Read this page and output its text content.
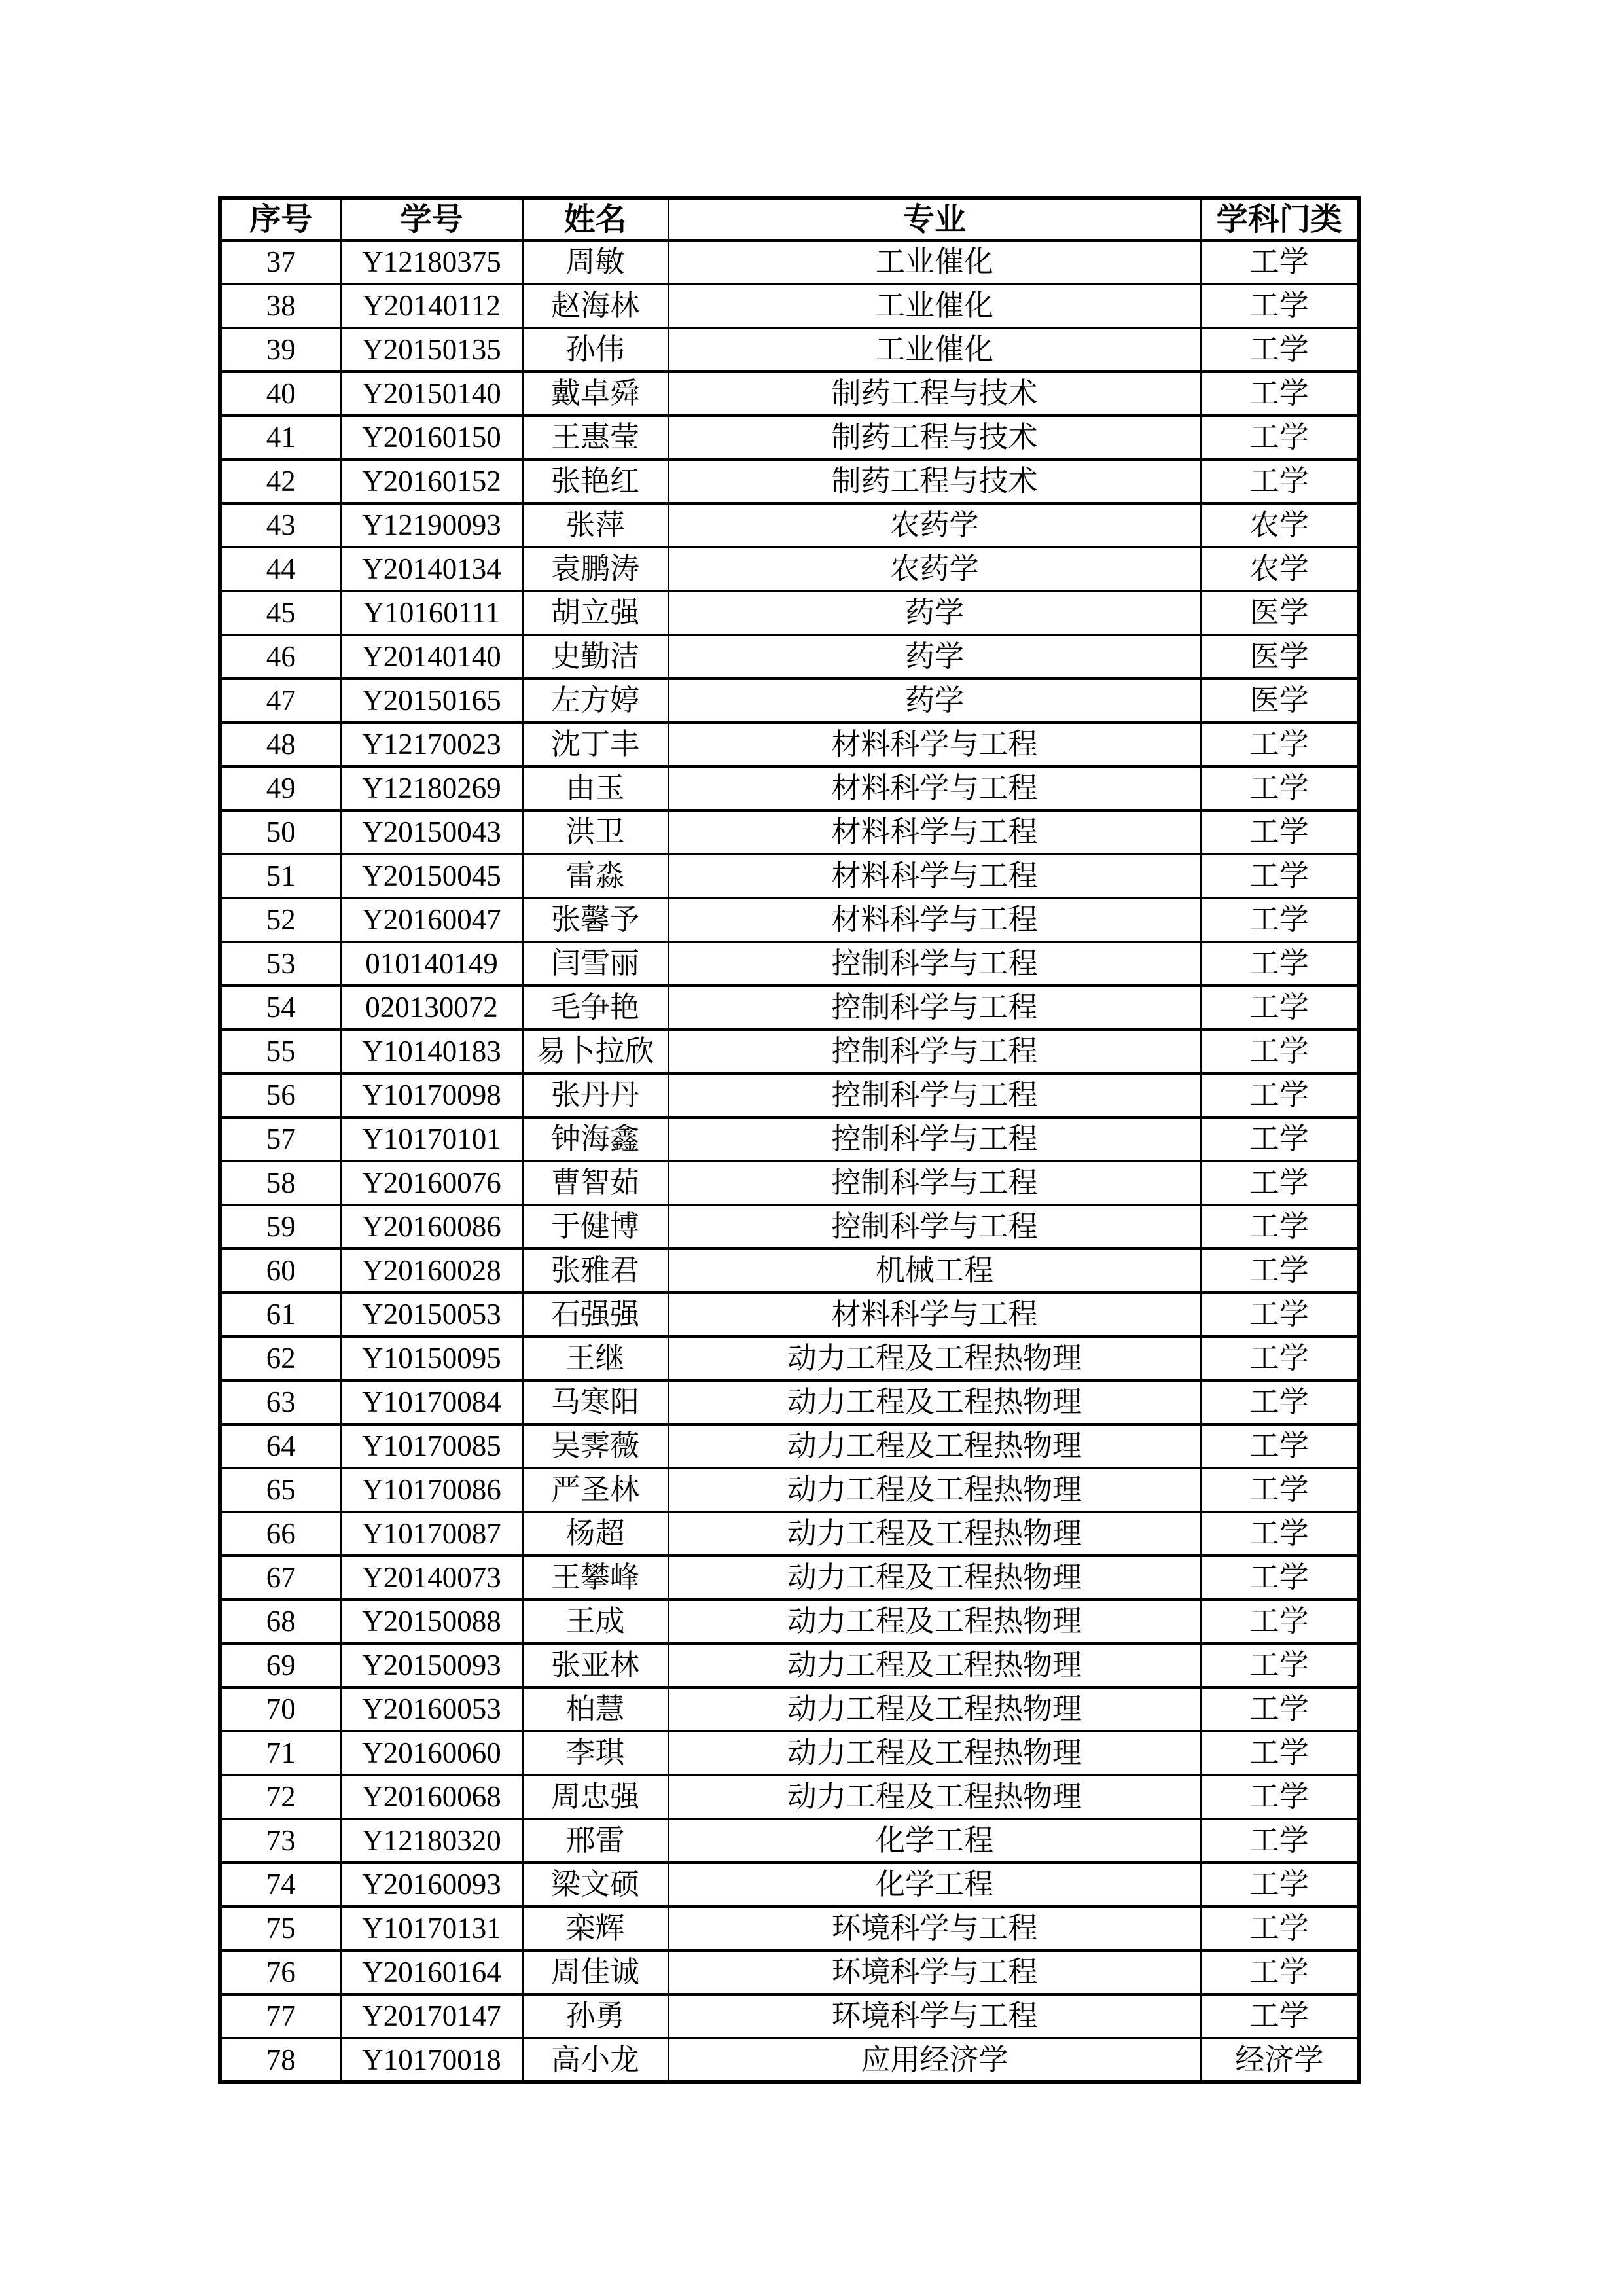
序号	学号	姓名	专业	学科门类
37	Y12180375	周敏	工业催化	工学
38	Y20140112	赵海林	工业催化	工学
39	Y20150135	孙伟	工业催化	工学
40	Y20150140	戴卓舜	制药工程与技术	工学
41	Y20160150	王惠莹	制药工程与技术	工学
42	Y20160152	张艳红	制药工程与技术	工学
43	Y12190093	张萍	农药学	农学
44	Y20140134	袁鹏涛	农药学	农学
45	Y10160111	胡立强	药学	医学
46	Y20140140	史勤洁	药学	医学
47	Y20150165	左方婷	药学	医学
48	Y12170023	沈丁丰	材料科学与工程	工学
49	Y12180269	由玉	材料科学与工程	工学
50	Y20150043	洪卫	材料科学与工程	工学
51	Y20150045	雷淼	材料科学与工程	工学
52	Y20160047	张馨予	材料科学与工程	工学
53	010140149	闫雪丽	控制科学与工程	工学
54	020130072	毛争艳	控制科学与工程	工学
55	Y10140183	易卜拉欣	控制科学与工程	工学
56	Y10170098	张丹丹	控制科学与工程	工学
57	Y10170101	钟海鑫	控制科学与工程	工学
58	Y20160076	曹智茹	控制科学与工程	工学
59	Y20160086	于健博	控制科学与工程	工学
60	Y20160028	张雅君	机械工程	工学
61	Y20150053	石强强	材料科学与工程	工学
62	Y10150095	王继	动力工程及工程热物理	工学
63	Y10170084	马寒阳	动力工程及工程热物理	工学
64	Y10170085	吴霁薇	动力工程及工程热物理	工学
65	Y10170086	严圣林	动力工程及工程热物理	工学
66	Y10170087	杨超	动力工程及工程热物理	工学
67	Y20140073	王攀峰	动力工程及工程热物理	工学
68	Y20150088	王成	动力工程及工程热物理	工学
69	Y20150093	张亚林	动力工程及工程热物理	工学
70	Y20160053	柏慧	动力工程及工程热物理	工学
71	Y20160060	李琪	动力工程及工程热物理	工学
72	Y20160068	周忠强	动力工程及工程热物理	工学
73	Y12180320	邢雷	化学工程	工学
74	Y20160093	梁文硕	化学工程	工学
75	Y10170131	栾辉	环境科学与工程	工学
76	Y20160164	周佳诚	环境科学与工程	工学
77	Y20170147	孙勇	环境科学与工程	工学
78	Y10170018	高小龙	应用经济学	经济学
